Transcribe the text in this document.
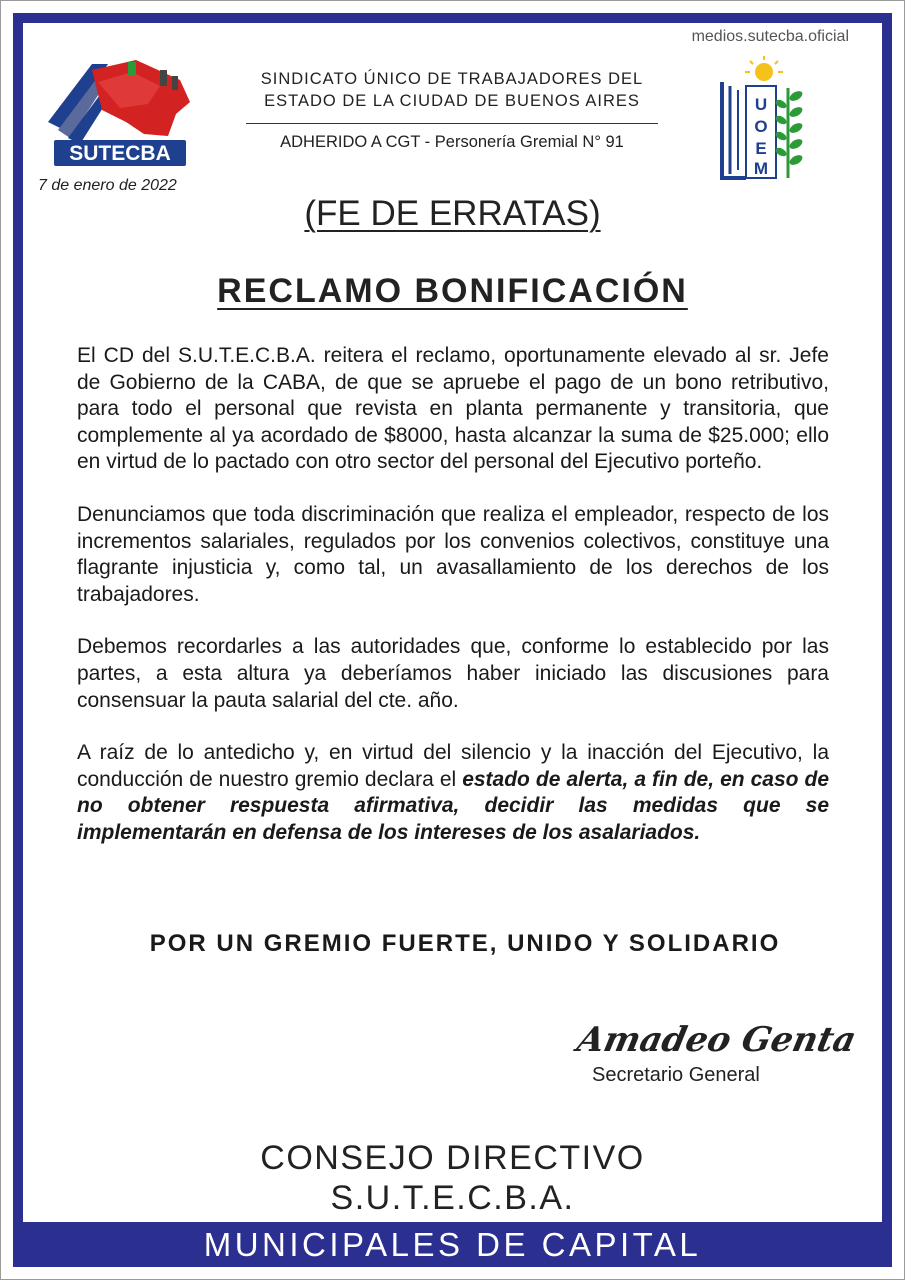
MUNICIPALES DE CAPITAL
medios.sutecba.oficial
SUTECBA
7 de enero de 2022
SINDICATO ÚNICO DE TRABAJADORES DEL
ESTADO DE LA CIUDAD DE BUENOS AIRES
ADHERIDO A CGT - Personería Gremial N° 91
U
O
E
M
(FE DE ERRATAS)
RECLAMO BONIFICACIÓN

El CD del S.U.T.E.C.B.A. reitera el reclamo, oportunamente elevado al sr. Jefe de Gobierno de la CABA, de que se apruebe el pago de un bono retributivo, para todo el personal que revista en planta permanente y transitoria, que complemente al ya acordado de $8000, hasta alcanzar la suma de $25.000; ello en virtud de lo pactado con otro sector del personal del Ejecutivo porteño.

Denunciamos que toda discriminación que realiza el empleador, respecto de los incrementos salariales, regulados por los convenios colectivos, constituye una flagrante injusticia y, como tal, un avasallamiento de los derechos de los trabajadores.

Debemos recordarles a las autoridades que, conforme lo establecido por las partes, a esta altura ya deberíamos haber iniciado las discusiones para consensuar la pauta salarial del cte. año.

A raíz de lo antedicho y, en virtud del silencio y la inacción del Ejecutivo, la conducción de nuestro gremio declara el estado de alerta, a fin de, en caso de no obtener respuesta afirmativa, decidir las medidas que se implementarán en defensa de los intereses de los asalariados.

POR UN GREMIO FUERTE, UNIDO Y SOLIDARIO
Amadeo Genta
Secretario General
CONSEJO DIRECTIVO
S.U.T.E.C.B.A.
